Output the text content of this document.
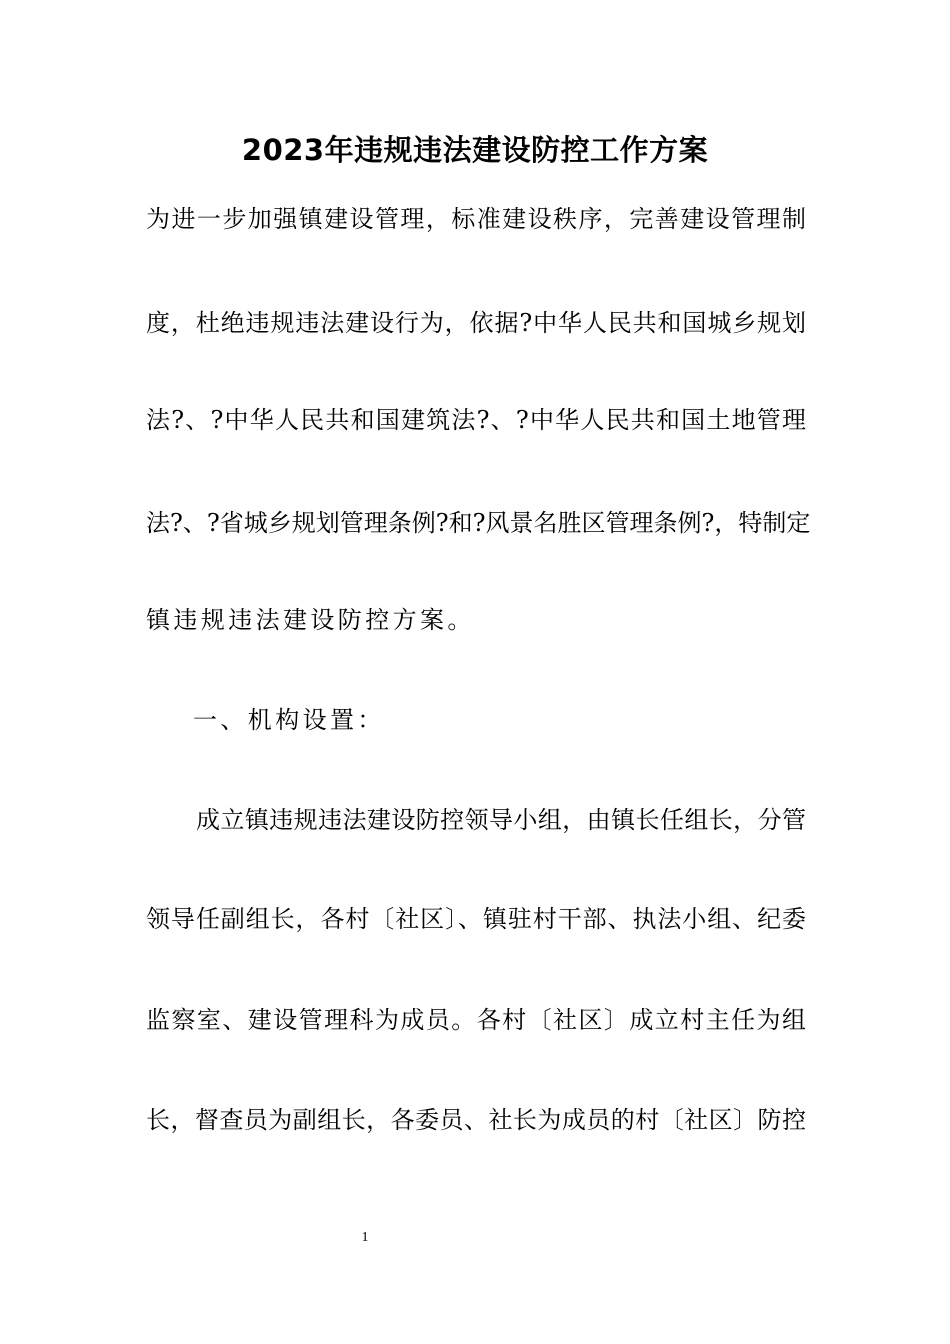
2023年违规违法建设防控工作方案
为进一步加强镇建设管理，标准建设秩序，完善建设管理制
度，杜绝违规违法建设行为，依据?中华人民共和国城乡规划
法?、?中华人民共和国建筑法?、?中华人民共和国土地管理
法?、?省城乡规划管理条例?和?风景名胜区管理条例?，特制定
镇违规违法建设防控方案。
一、机构设置：
成立镇违规违法建设防控领导小组，由镇长任组长，分管
领导任副组长，各村〔社区〕、镇驻村干部、执法小组、纪委
监察室、建设管理科为成员。各村〔社区〕成立村主任为组
长，督查员为副组长，各委员、社长为成员的村〔社区〕防控
1
